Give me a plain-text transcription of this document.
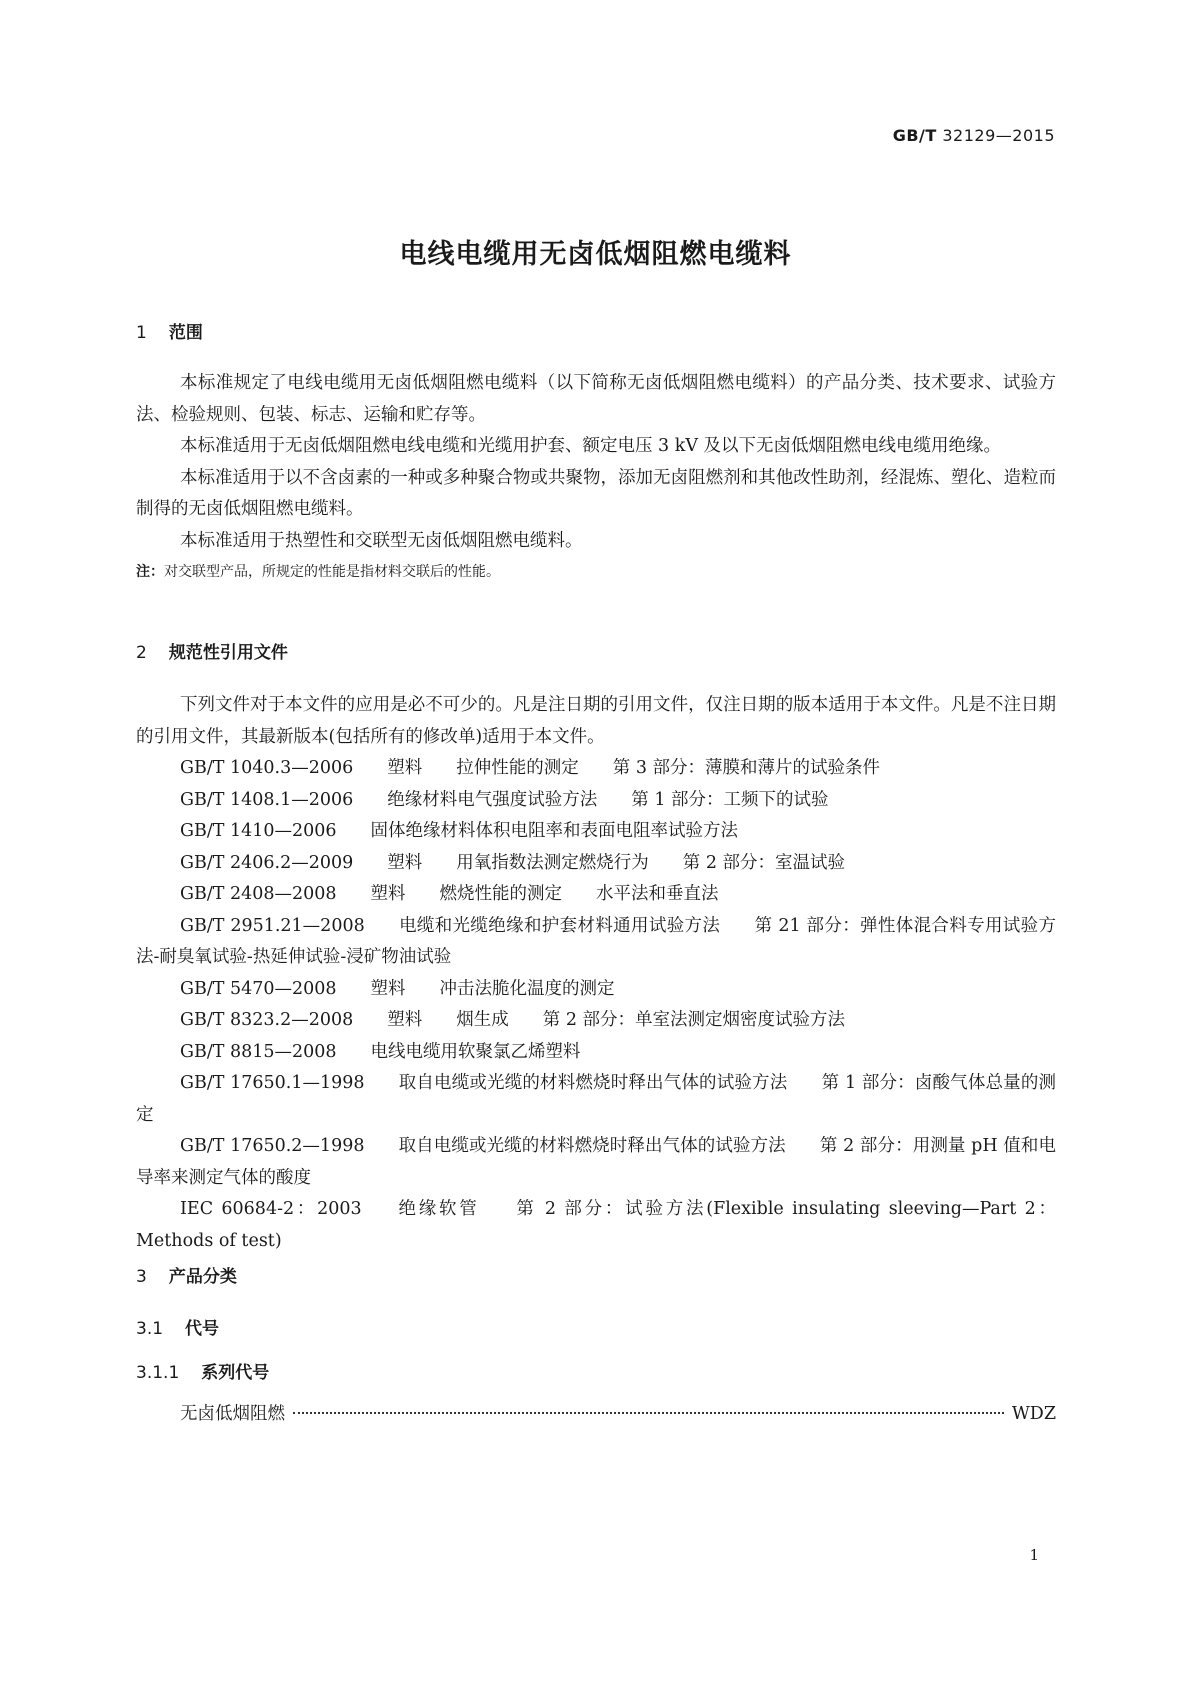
GB/T 32129—2015
电线电缆用无卤低烟阻燃电缆料
1 范围

本标准规定了电线电缆用无卤低烟阻燃电缆料（以下简称无卤低烟阻燃电缆料）的产品分类、技术要求、试验方法、检验规则、包装、标志、运输和贮存等。

本标准适用于无卤低烟阻燃电线电缆和光缆用护套、额定电压 3 kV 及以下无卤低烟阻燃电线电缆用绝缘。

本标准适用于以不含卤素的一种或多种聚合物或共聚物，添加无卤阻燃剂和其他改性助剂，经混炼、塑化、造粒而制得的无卤低烟阻燃电缆料。

本标准适用于热塑性和交联型无卤低烟阻燃电缆料。

注：对交联型产品，所规定的性能是指材料交联后的性能。

2 规范性引用文件

下列文件对于本文件的应用是必不可少的。凡是注日期的引用文件，仅注日期的版本适用于本文件。凡是不注日期的引用文件，其最新版本(包括所有的修改单)适用于本文件。

GB/T 1040.3—2006 塑料 拉伸性能的测定 第 3 部分：薄膜和薄片的试验条件

GB/T 1408.1—2006 绝缘材料电气强度试验方法 第 1 部分：工频下的试验

GB/T 1410—2006 固体绝缘材料体积电阻率和表面电阻率试验方法

GB/T 2406.2—2009 塑料 用氧指数法测定燃烧行为 第 2 部分：室温试验

GB/T 2408—2008 塑料 燃烧性能的测定 水平法和垂直法

GB/T 2951.21—2008 电缆和光缆绝缘和护套材料通用试验方法 第 21 部分：弹性体混合料专用试验方法-耐臭氧试验-热延伸试验-浸矿物油试验

GB/T 5470—2008 塑料 冲击法脆化温度的测定

GB/T 8323.2—2008 塑料 烟生成 第 2 部分：单室法测定烟密度试验方法

GB/T 8815—2008 电线电缆用软聚氯乙烯塑料

GB/T 17650.1—1998 取自电缆或光缆的材料燃烧时释出气体的试验方法 第 1 部分：卤酸气体总量的测定

GB/T 17650.2—1998 取自电缆或光缆的材料燃烧时释出气体的试验方法 第 2 部分：用测量 pH 值和电导率来测定气体的酸度

IEC 60684-2：2003 绝缘软管 第 2 部分：试验方法(Flexible insulating sleeving—Part 2：Methods of test)

3 产品分类
3.1 代号
3.1.1 系列代号
无卤低烟阻燃	WDZ
1
